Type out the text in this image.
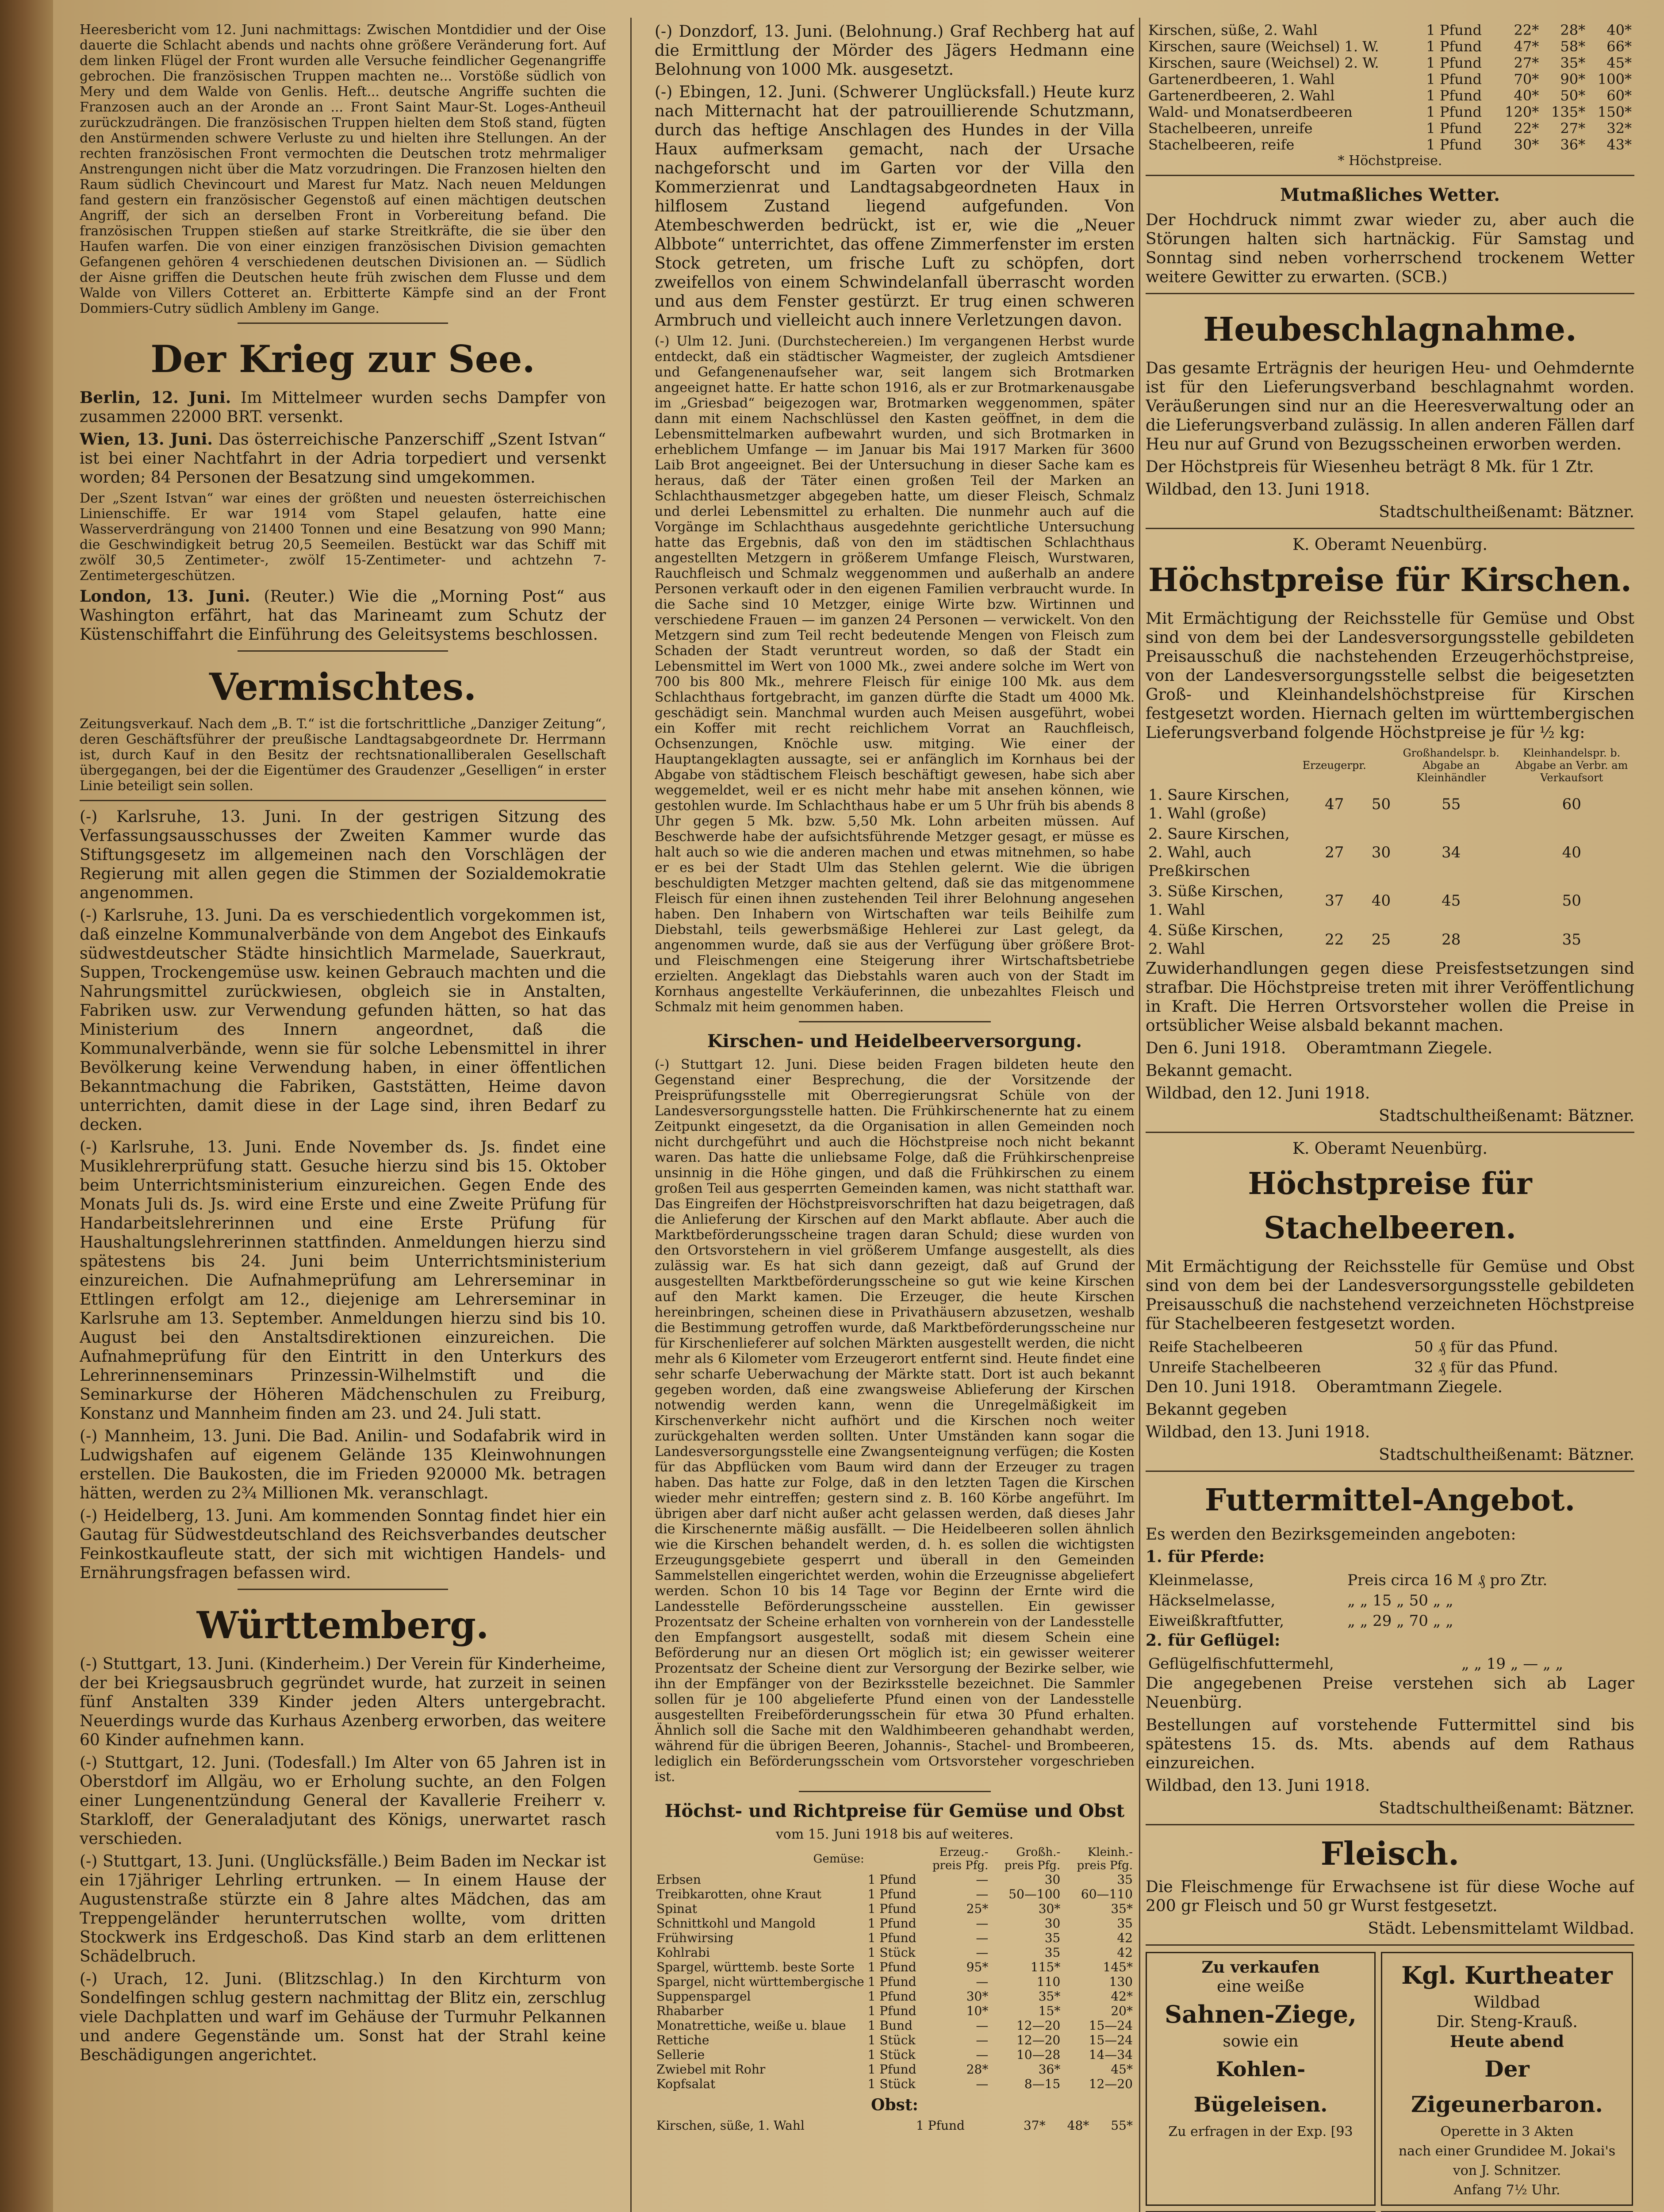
Heeresbericht vom 12. Juni nachmittags: Zwischen Montdidier und der Oise dauerte die Schlacht abends und nachts ohne größere Veränderung fort. Auf dem linken Flügel der Front wurden alle Versuche feindlicher Gegenangriffe gebrochen. Die französischen Truppen machten ne... Vorstöße südlich von Mery und dem Walde von Genlis. Heft... deutsche Angriffe suchten die Franzosen auch an der Aronde an ... Front Saint Maur-St. Loges-Antheuil zurückzudrängen. Die französischen Truppen hielten dem Stoß stand, fügten den Anstürmenden schwere Verluste zu und hielten ihre Stellungen. An der rechten französischen Front vermochten die Deutschen trotz mehrmaliger Anstrengungen nicht über die Matz vorzudringen. Die Franzosen hielten den Raum südlich Chevincourt und Marest fur Matz. Nach neuen Meldungen fand gestern ein französischer Gegenstoß auf einen mächtigen deutschen Angriff, der sich an derselben Front in Vorbereitung befand. Die französischen Truppen stießen auf starke Streitkräfte, die sie über den Haufen warfen. Die von einer einzigen französischen Division gemachten Gefangenen gehören 4 verschiedenen deutschen Divisionen an. — Südlich der Aisne griffen die Deutschen heute früh zwischen dem Flusse und dem Walde von Villers Cotteret an. Erbitterte Kämpfe sind an der Front Dommiers-Cutry südlich Ambleny im Gange.

Der Krieg zur See.

Berlin, 12. Juni. Im Mittelmeer wurden sechs Dampfer von zusammen 22000 BRT. versenkt.

Wien, 13. Juni. Das österreichische Panzerschiff „Szent Istvan“ ist bei einer Nachtfahrt in der Adria torpediert und versenkt worden; 84 Personen der Besatzung sind umgekommen.

Der „Szent Istvan“ war eines der größten und neuesten österreichischen Linienschiffe. Er war 1914 vom Stapel gelaufen, hatte eine Wasserverdrängung von 21400 Tonnen und eine Besatzung von 990 Mann; die Geschwindigkeit betrug 20,5 Seemeilen. Bestückt war das Schiff mit zwölf 30,5 Zentimeter-, zwölf 15-Zentimeter- und achtzehn 7-Zentimetergeschützen.

London, 13. Juni. (Reuter.) Wie die „Morning Post“ aus Washington erfährt, hat das Marineamt zum Schutz der Küstenschiffahrt die Einführung des Geleitsystems beschlossen.

Vermischtes.

Zeitungsverkauf. Nach dem „B. T.“ ist die fortschrittliche „Danziger Zeitung“, deren Geschäftsführer der preußische Landtagsabgeordnete Dr. Herrmann ist, durch Kauf in den Besitz der rechtsnationalliberalen Gesellschaft übergegangen, bei der die Eigentümer des Graudenzer „Geselligen“ in erster Linie beteiligt sein sollen.

(-) Karlsruhe, 13. Juni. In der gestrigen Sitzung des Verfassungsausschusses der Zweiten Kammer wurde das Stiftungsgesetz im allgemeinen nach den Vorschlägen der Regierung mit allen gegen die Stimmen der Sozialdemokratie angenommen.

(-) Karlsruhe, 13. Juni. Da es verschiedentlich vorgekommen ist, daß einzelne Kommunalverbände von dem Angebot des Einkaufs südwestdeutscher Städte hinsichtlich Marmelade, Sauerkraut, Suppen, Trockengemüse usw. keinen Gebrauch machten und die Nahrungsmittel zurückwiesen, obgleich sie in Anstalten, Fabriken usw. zur Verwendung gefunden hätten, so hat das Ministerium des Innern angeordnet, daß die Kommunalverbände, wenn sie für solche Lebensmittel in ihrer Bevölkerung keine Verwendung haben, in einer öffentlichen Bekanntmachung die Fabriken, Gaststätten, Heime davon unterrichten, damit diese in der Lage sind, ihren Bedarf zu decken.

(-) Karlsruhe, 13. Juni. Ende November ds. Js. findet eine Musiklehrerprüfung statt. Gesuche hierzu sind bis 15. Oktober beim Unterrichtsministerium einzureichen. Gegen Ende des Monats Juli ds. Js. wird eine Erste und eine Zweite Prüfung für Handarbeitslehrerinnen und eine Erste Prüfung für Haushaltungslehrerinnen stattfinden. Anmeldungen hierzu sind spätestens bis 24. Juni beim Unterrichtsministerium einzureichen. Die Aufnahmeprüfung am Lehrerseminar in Ettlingen erfolgt am 12., diejenige am Lehrerseminar in Karlsruhe am 13. September. Anmeldungen hierzu sind bis 10. August bei den Anstaltsdirektionen einzureichen. Die Aufnahmeprüfung für den Eintritt in den Unterkurs des Lehrerinnenseminars Prinzessin-Wilhelmstift und die Seminarkurse der Höheren Mädchenschulen zu Freiburg, Konstanz und Mannheim finden am 23. und 24. Juli statt.

(-) Mannheim, 13. Juni. Die Bad. Anilin- und Sodafabrik wird in Ludwigshafen auf eigenem Gelände 135 Kleinwohnungen erstellen. Die Baukosten, die im Frieden 920000 Mk. betragen hätten, werden zu 2¾ Millionen Mk. veranschlagt.

(-) Heidelberg, 13. Juni. Am kommenden Sonntag findet hier ein Gautag für Südwestdeutschland des Reichsverbandes deutscher Feinkostkaufleute statt, der sich mit wichtigen Handels- und Ernährungsfragen befassen wird.

Württemberg.

(-) Stuttgart, 13. Juni. (Kinderheim.) Der Verein für Kinderheime, der bei Kriegsausbruch gegründet wurde, hat zurzeit in seinen fünf Anstalten 339 Kinder jeden Alters untergebracht. Neuerdings wurde das Kurhaus Azenberg erworben, das weitere 60 Kinder aufnehmen kann.

(-) Stuttgart, 12. Juni. (Todesfall.) Im Alter von 65 Jahren ist in Oberstdorf im Allgäu, wo er Erholung suchte, an den Folgen einer Lungenentzündung General der Kavallerie Freiherr v. Starkloff, der Generaladjutant des Königs, unerwartet rasch verschieden.

(-) Stuttgart, 13. Juni. (Unglücksfälle.) Beim Baden im Neckar ist ein 17jähriger Lehrling ertrunken. — In einem Hause der Augustenstraße stürzte ein 8 Jahre altes Mädchen, das am Treppengeländer herunterrutschen wollte, vom dritten Stockwerk ins Erdgeschoß. Das Kind starb an dem erlittenen Schädelbruch.

(-) Urach, 12. Juni. (Blitzschlag.) In den Kirchturm von Sondelfingen schlug gestern nachmittag der Blitz ein, zerschlug viele Dachplatten und warf im Gehäuse der Turmuhr Pelkannen und andere Gegenstände um. Sonst hat der Strahl keine Beschädigungen angerichtet.

(-) Donzdorf, 13. Juni. (Belohnung.) Graf Rechberg hat auf die Ermittlung der Mörder des Jägers Hedmann eine Belohnung von 1000 Mk. ausgesetzt.

(-) Ebingen, 12. Juni. (Schwerer Unglücksfall.) Heute kurz nach Mitternacht hat der patrouillierende Schutzmann, durch das heftige Anschlagen des Hundes in der Villa Haux aufmerksam gemacht, nach der Ursache nachgeforscht und im Garten vor der Villa den Kommerzienrat und Landtagsabgeordneten Haux in hilflosem Zustand liegend aufgefunden. Von Atembeschwerden bedrückt, ist er, wie die „Neuer Albbote“ unterrichtet, das offene Zimmerfenster im ersten Stock getreten, um frische Luft zu schöpfen, dort zweifellos von einem Schwindelanfall überrascht worden und aus dem Fenster gestürzt. Er trug einen schweren Armbruch und vielleicht auch innere Verletzungen davon.

(-) Ulm 12. Juni. (Durchstechereien.) Im vergangenen Herbst wurde entdeckt, daß ein städtischer Wagmeister, der zugleich Amtsdiener und Gefangenenaufseher war, seit langem sich Brotmarken angeeignet hatte. Er hatte schon 1916, als er zur Brotmarkenausgabe im „Griesbad“ beigezogen war, Brotmarken weggenommen, später dann mit einem Nachschlüssel den Kasten geöffnet, in dem die Lebensmittelmarken aufbewahrt wurden, und sich Brotmarken in erheblichem Umfange — im Januar bis Mai 1917 Marken für 3600 Laib Brot angeeignet. Bei der Untersuchung in dieser Sache kam es heraus, daß der Täter einen großen Teil der Marken an Schlachthausmetzger abgegeben hatte, um dieser Fleisch, Schmalz und derlei Lebensmittel zu erhalten. Die nunmehr auch auf die Vorgänge im Schlachthaus ausgedehnte gerichtliche Untersuchung hatte das Ergebnis, daß von den im städtischen Schlachthaus angestellten Metzgern in größerem Umfange Fleisch, Wurstwaren, Rauchfleisch und Schmalz weggenommen und außerhalb an andere Personen verkauft oder in den eigenen Familien verbraucht wurde. In die Sache sind 10 Metzger, einige Wirte bzw. Wirtinnen und verschiedene Frauen — im ganzen 24 Personen — verwickelt. Von den Metzgern sind zum Teil recht bedeutende Mengen von Fleisch zum Schaden der Stadt veruntreut worden, so daß der Stadt ein Lebensmittel im Wert von 1000 Mk., zwei andere solche im Wert von 700 bis 800 Mk., mehrere Fleisch für einige 100 Mk. aus dem Schlachthaus fortgebracht, im ganzen dürfte die Stadt um 4000 Mk. geschädigt sein. Manchmal wurden auch Meisen ausgeführt, wobei ein Koffer mit recht reichlichem Vorrat an Rauchfleisch, Ochsenzungen, Knöchle usw. mitging. Wie einer der Hauptangeklagten aussagte, sei er anfänglich im Kornhaus bei der Abgabe von städtischem Fleisch beschäftigt gewesen, habe sich aber weggemeldet, weil er es nicht mehr habe mit ansehen können, wie gestohlen wurde. Im Schlachthaus habe er um 5 Uhr früh bis abends 8 Uhr gegen 5 Mk. bzw. 5,50 Mk. Lohn arbeiten müssen. Auf Beschwerde habe der aufsichtsführende Metzger gesagt, er müsse es halt auch so wie die anderen machen und etwas mitnehmen, so habe er es bei der Stadt Ulm das Stehlen gelernt. Wie die übrigen beschuldigten Metzger machten geltend, daß sie das mitgenommene Fleisch für einen ihnen zustehenden Teil ihrer Belohnung angesehen haben. Den Inhabern von Wirtschaften war teils Beihilfe zum Diebstahl, teils gewerbsmäßige Hehlerei zur Last gelegt, da angenommen wurde, daß sie aus der Verfügung über größere Brot- und Fleischmengen eine Steigerung ihrer Wirtschaftsbetriebe erzielten. Angeklagt das Diebstahls waren auch von der Stadt im Kornhaus angestellte Verkäuferinnen, die unbezahltes Fleisch und Schmalz mit heim genommen haben.

Kirschen- und Heidelbeerversorgung.

(-) Stuttgart 12. Juni. Diese beiden Fragen bildeten heute den Gegenstand einer Besprechung, die der Vorsitzende der Preisprüfungsstelle mit Oberregierungsrat Schüle von der Landesversorgungsstelle hatten. Die Frühkirschenernte hat zu einem Zeitpunkt eingesetzt, da die Organisation in allen Gemeinden noch nicht durchgeführt und auch die Höchstpreise noch nicht bekannt waren. Das hatte die unliebsame Folge, daß die Frühkirschenpreise unsinnig in die Höhe gingen, und daß die Frühkirschen zu einem großen Teil aus gesperrten Gemeinden kamen, was nicht statthaft war. Das Eingreifen der Höchstpreisvorschriften hat dazu beigetragen, daß die Anlieferung der Kirschen auf den Markt abflaute. Aber auch die Marktbeförderungsscheine tragen daran Schuld; diese wurden von den Ortsvorstehern in viel größerem Umfange ausgestellt, als dies zulässig war. Es hat sich dann gezeigt, daß auf Grund der ausgestellten Marktbeförderungsscheine so gut wie keine Kirschen auf den Markt kamen. Die Erzeuger, die heute Kirschen hereinbringen, scheinen diese in Privathäusern abzusetzen, weshalb die Bestimmung getroffen wurde, daß Marktbeförderungsscheine nur für Kirschenlieferer auf solchen Märkten ausgestellt werden, die nicht mehr als 6 Kilometer vom Erzeugerort entfernt sind. Heute findet eine sehr scharfe Ueberwachung der Märkte statt. Dort ist auch bekannt gegeben worden, daß eine zwangsweise Ablieferung der Kirschen notwendig werden kann, wenn die Unregelmäßigkeit im Kirschenverkehr nicht aufhört und die Kirschen noch weiter zurückgehalten werden sollten. Unter Umständen kann sogar die Landesversorgungsstelle eine Zwangsenteignung verfügen; die Kosten für das Abpflücken vom Baum wird dann der Erzeuger zu tragen haben. Das hatte zur Folge, daß in den letzten Tagen die Kirschen wieder mehr eintreffen; gestern sind z. B. 160 Körbe angeführt. Im übrigen aber darf nicht außer acht gelassen werden, daß dieses Jahr die Kirschenernte mäßig ausfällt. — Die Heidelbeeren sollen ähnlich wie die Kirschen behandelt werden, d. h. es sollen die wichtigsten Erzeugungsgebiete gesperrt und überall in den Gemeinden Sammelstellen eingerichtet werden, wohin die Erzeugnisse abgeliefert werden. Schon 10 bis 14 Tage vor Beginn der Ernte wird die Landesstelle Beförderungsscheine ausstellen. Ein gewisser Prozentsatz der Scheine erhalten von vornherein von der Landesstelle den Empfangsort ausgestellt, sodaß mit diesem Schein eine Beförderung nur an diesen Ort möglich ist; ein gewisser weiterer Prozentsatz der Scheine dient zur Versorgung der Bezirke selber, wie ihn der Empfänger von der Bezirksstelle bezeichnet. Die Sammler sollen für je 100 abgelieferte Pfund einen von der Landesstelle ausgestellten Freibeförderungsschein für etwa 30 Pfund erhalten. Ähnlich soll die Sache mit den Waldhimbeeren gehandhabt werden, während für die übrigen Beeren, Johannis-, Stachel- und Brombeeren, lediglich ein Beförderungsschein vom Ortsvorsteher vorgeschrieben ist.

Höchst- und Richtpreise für Gemüse und Obst

vom 15. Juni 1918 bis auf weiteres.

Gemüse:		Erzeug.-preis Pfg.	Großh.-preis Pfg.	Kleinh.-preis Pfg.
Erbsen	1 Pfund	—	30	35
Treibkarotten, ohne Kraut	1 Pfund	—	50—100	60—110
Spinat	1 Pfund	25*	30*	35*
Schnittkohl und Mangold	1 Pfund	—	30	35
Frühwirsing	1 Pfund	—	35	42
Kohlrabi	1 Stück	—	35	42
Spargel, württemb. beste Sorte	1 Pfund	95*	115*	145*
Spargel, nicht württembergische	1 Pfund	—	110	130
Suppenspargel	1 Pfund	30*	35*	42*
Rhabarber	1 Pfund	10*	15*	20*
Monatrettiche, weiße u. blaue	1 Bund	—	12—20	15—24
Rettiche	1 Stück	—	12—20	15—24
Sellerie	1 Stück	—	10—28	14—34
Zwiebel mit Rohr	1 Pfund	28*	36*	45*
Kopfsalat	1 Stück	—	8—15	12—20

Obst:

Kirschen, süße, 1. Wahl	1 Pfund	37*	48*	55*
Kirschen, süße, 2. Wahl	1 Pfund	22*	28*	40*
Kirschen, saure (Weichsel) 1. W.	1 Pfund	47*	58*	66*
Kirschen, saure (Weichsel) 2. W.	1 Pfund	27*	35*	45*
Gartenerdbeeren, 1. Wahl	1 Pfund	70*	90*	100*
Gartenerdbeeren, 2. Wahl	1 Pfund	40*	50*	60*
Wald- und Monatserdbeeren	1 Pfund	120*	135*	150*
Stachelbeeren, unreife	1 Pfund	22*	27*	32*
Stachelbeeren, reife	1 Pfund	30*	36*	43*

* Höchstpreise.

Mutmaßliches Wetter.

Der Hochdruck nimmt zwar wieder zu, aber auch die Störungen halten sich hartnäckig. Für Samstag und Sonntag sind neben vorherrschend trockenem Wetter weitere Gewitter zu erwarten. (SCB.)

Heubeschlagnahme.

Das gesamte Erträgnis der heurigen Heu- und Oehmdernte ist für den Lieferungsverband beschlagnahmt worden. Veräußerungen sind nur an die Heeresverwaltung oder an die Lieferungsverband zulässig. In allen anderen Fällen darf Heu nur auf Grund von Bezugsscheinen erworben werden.

Der Höchstpreis für Wiesenheu beträgt 8 Mk. für 1 Ztr.

Wildbad, den 13. Juni 1918.

Stadtschultheißenamt: Bätzner.

K. Oberamt Neuenbürg.

Höchstpreise für Kirschen.

Mit Ermächtigung der Reichsstelle für Gemüse und Obst sind von dem bei der Landesversorgungsstelle gebildeten Preisausschuß die nachstehenden Erzeugerhöchstpreise, von der Landesversorgungsstelle selbst die beigesetzten Groß- und Kleinhandelshöchstpreise für Kirschen festgesetzt worden. Hiernach gelten im württembergischen Lieferungsverband folgende Höchstpreise je für ½ kg:

	Erzeugerpr.		Großhandelspr. b. Abgabe an Kleinhändler	Kleinhandelspr. b. Abgabe an Verbr. am Verkaufsort
1. Saure Kirschen, 1. Wahl (große)	47	50	55	60
2. Saure Kirschen, 2. Wahl, auch Preßkirschen	27	30	34	40
3. Süße Kirschen, 1. Wahl	37	40	45	50
4. Süße Kirschen, 2. Wahl	22	25	28	35

Zuwiderhandlungen gegen diese Preisfestsetzungen sind strafbar. Die Höchstpreise treten mit ihrer Veröffentlichung in Kraft. Die Herren Ortsvorsteher wollen die Preise in ortsüblicher Weise alsbald bekannt machen.

Den 6. Juni 1918. Oberamtmann Ziegele.

Bekannt gemacht.

Wildbad, den 12. Juni 1918.

Stadtschultheißenamt: Bätzner.

K. Oberamt Neuenbürg.

Höchstpreise für Stachelbeeren.

Mit Ermächtigung der Reichsstelle für Gemüse und Obst sind von dem bei der Landesversorgungsstelle gebildeten Preisausschuß die nachstehend verzeichneten Höchstpreise für Stachelbeeren festgesetzt worden.

Reife Stachelbeeren	50 ₰ für das Pfund.
Unreife Stachelbeeren	32 ₰ für das Pfund.

Den 10. Juni 1918. Oberamtmann Ziegele.

Bekannt gegeben

Wildbad, den 13. Juni 1918.

Stadtschultheißenamt: Bätzner.

Futtermittel-Angebot.

Es werden den Bezirksgemeinden angeboten:

1. für Pferde:

Kleinmelasse,	Preis circa 16 M ₰ pro Ztr.
Häckselmelasse,	„ „ 15 „ 50 „ „
Eiweißkraftfutter,	„ „ 29 „ 70 „ „

2. für Geflügel:

Geflügelfischfuttermehl,	„ „ 19 „ — „ „

Die angegebenen Preise verstehen sich ab Lager Neuenbürg.

Bestellungen auf vorstehende Futtermittel sind bis spätestens 15. ds. Mts. abends auf dem Rathaus einzureichen.

Wildbad, den 13. Juni 1918.

Stadtschultheißenamt: Bätzner.

Fleisch.

Die Fleischmenge für Erwachsene ist für diese Woche auf 200 gr Fleisch und 50 gr Wurst festgesetzt.

Städt. Lebensmittelamt Wildbad.

Zu verkaufen
eine weiße
Sahnen-Ziege,
sowie ein
Kohlen-Bügeleisen.
Zu erfragen in der Exp. [93
Kgl. Kurtheater
Wildbad
Dir. Steng-Krauß.
Heute abend
Der Zigeunerbaron.
Operette in 3 Akten
nach einer Grundidee M. Jokai's
von J. Schnitzer.
Anfang 7½ Uhr.
